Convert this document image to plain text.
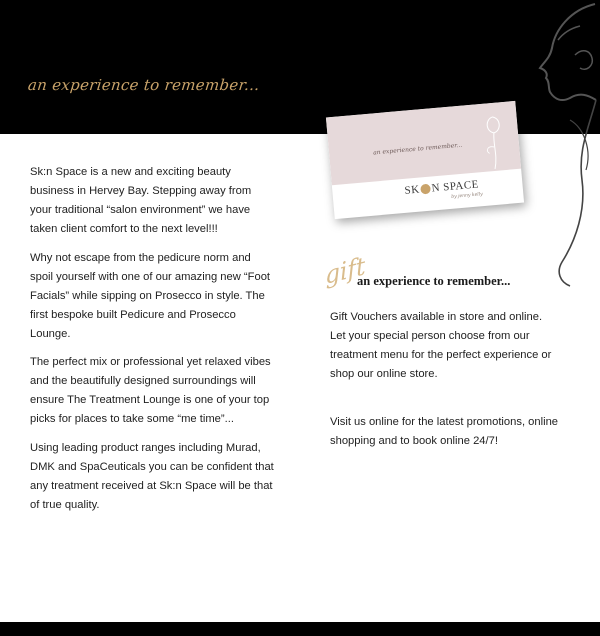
an experience to remember...

Sk:n Space is a new and exciting beauty business in Hervey Bay. Stepping away from your traditional “salon environment” we have taken client comfort to the next level!!!

Why not escape from the pedicure norm and spoil yourself with one of our amazing new “Foot Facials” while sipping on Prosecco in style. The first bespoke built Pedicure and Prosecco Lounge.

The perfect mix or professional yet relaxed vibes and the beautifully designed surroundings will ensure The Treatment Lounge is one of your top picks for places to take some “me time”...

Using leading product ranges including Murad, DMK and SpaCeuticals you can be confident that any treatment received at Sk:n Space will be that of true quality.

an experience to remember...
SK N SPACE
by jenny kelly
gift
an experience to remember...

Gift Vouchers available in store and online. Let your special person choose from our treatment menu for the perfect experience or shop our online store.

Visit us online for the latest promotions, online shopping and to book online 24/7!
